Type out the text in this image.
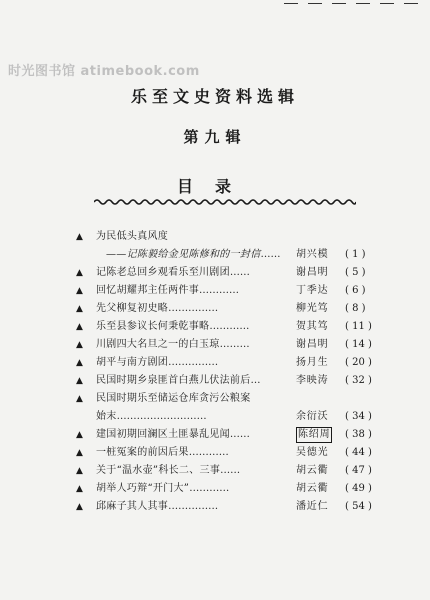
时光图书馆 atimebook.com
乐至文史资料选辑
第九辑
目录
▲ 为民低头真风度
——记陈毅给金见陈修和的一封信…… 胡兴模 ( 1 )
▲ 记陈老总回乡观看乐至川剧团……	谢昌明 ( 5 )
▲ 回忆胡耀邦主任两件事…………	丁季达 ( 6 )
▲ 先父柳复初史略……………	柳光笃 ( 8 )
▲ 乐至县参议长何秉乾事略…………	贺其笃 ( 11 )
▲ 川剧四大名旦之一的白玉琼………	谢昌明 ( 14 )
▲ 胡平与南方剧团……………	扬月生 ( 20 )
▲ 民国时期乡泉匪首白燕儿伏法前后…	李映涛 ( 32 )
▲ 民国时期乐至储运仓库贪污公粮案
始末………………………	余衍沃 ( 34 )
▲ 建国初期回澜区土匪暴乱见闻……	陈绍周 ( 38 )
▲ 一桩冤案的前因后果…………	吴德光 ( 44 )
▲ 关于“温水壶”科长二、三事……	胡云衢 ( 47 )
▲ 胡举人巧辩“开门大”…………	胡云衢 ( 49 )
▲ 邱麻子其人其事……………	潘近仁 ( 54 )
